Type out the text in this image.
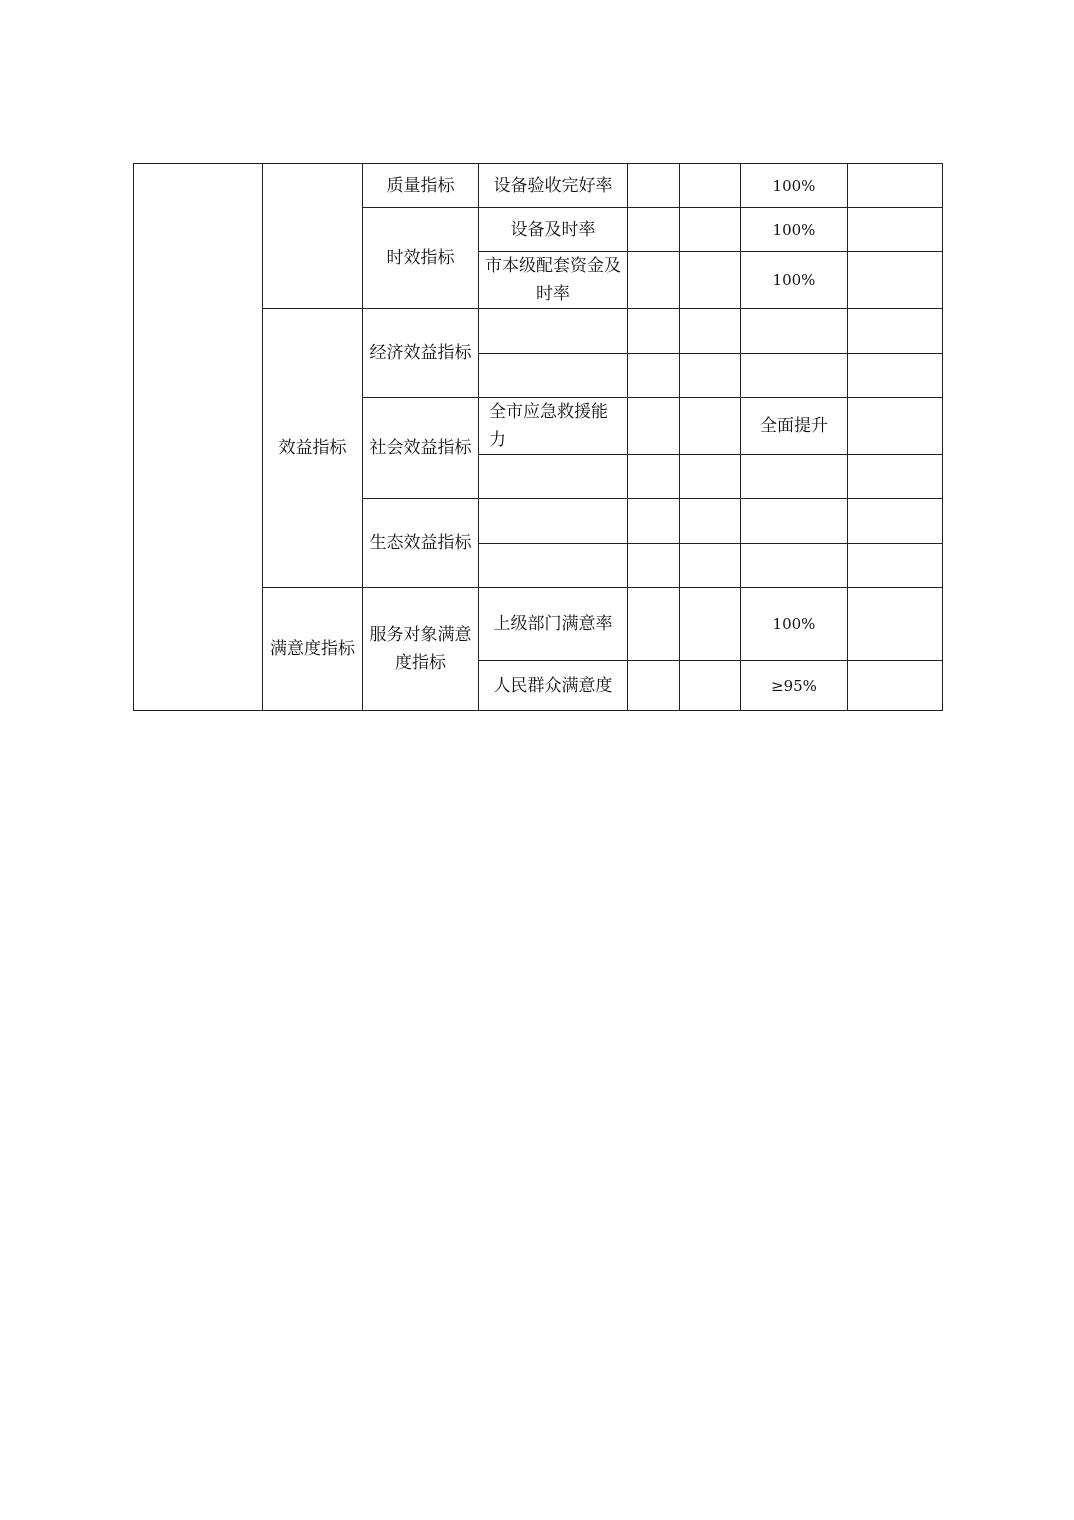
		质量指标	设备验收完好率			100%	
		时效指标	设备及时率			100%	
			市本级配套资金及时率			100%	
	效益指标	经济效益指标					

		社会效益指标	全市应急救援能力			全面提升	

		生态效益指标					

	满意度指标	服务对象满意度指标	上级部门满意率			100%	
			人民群众满意度			≥95%	
